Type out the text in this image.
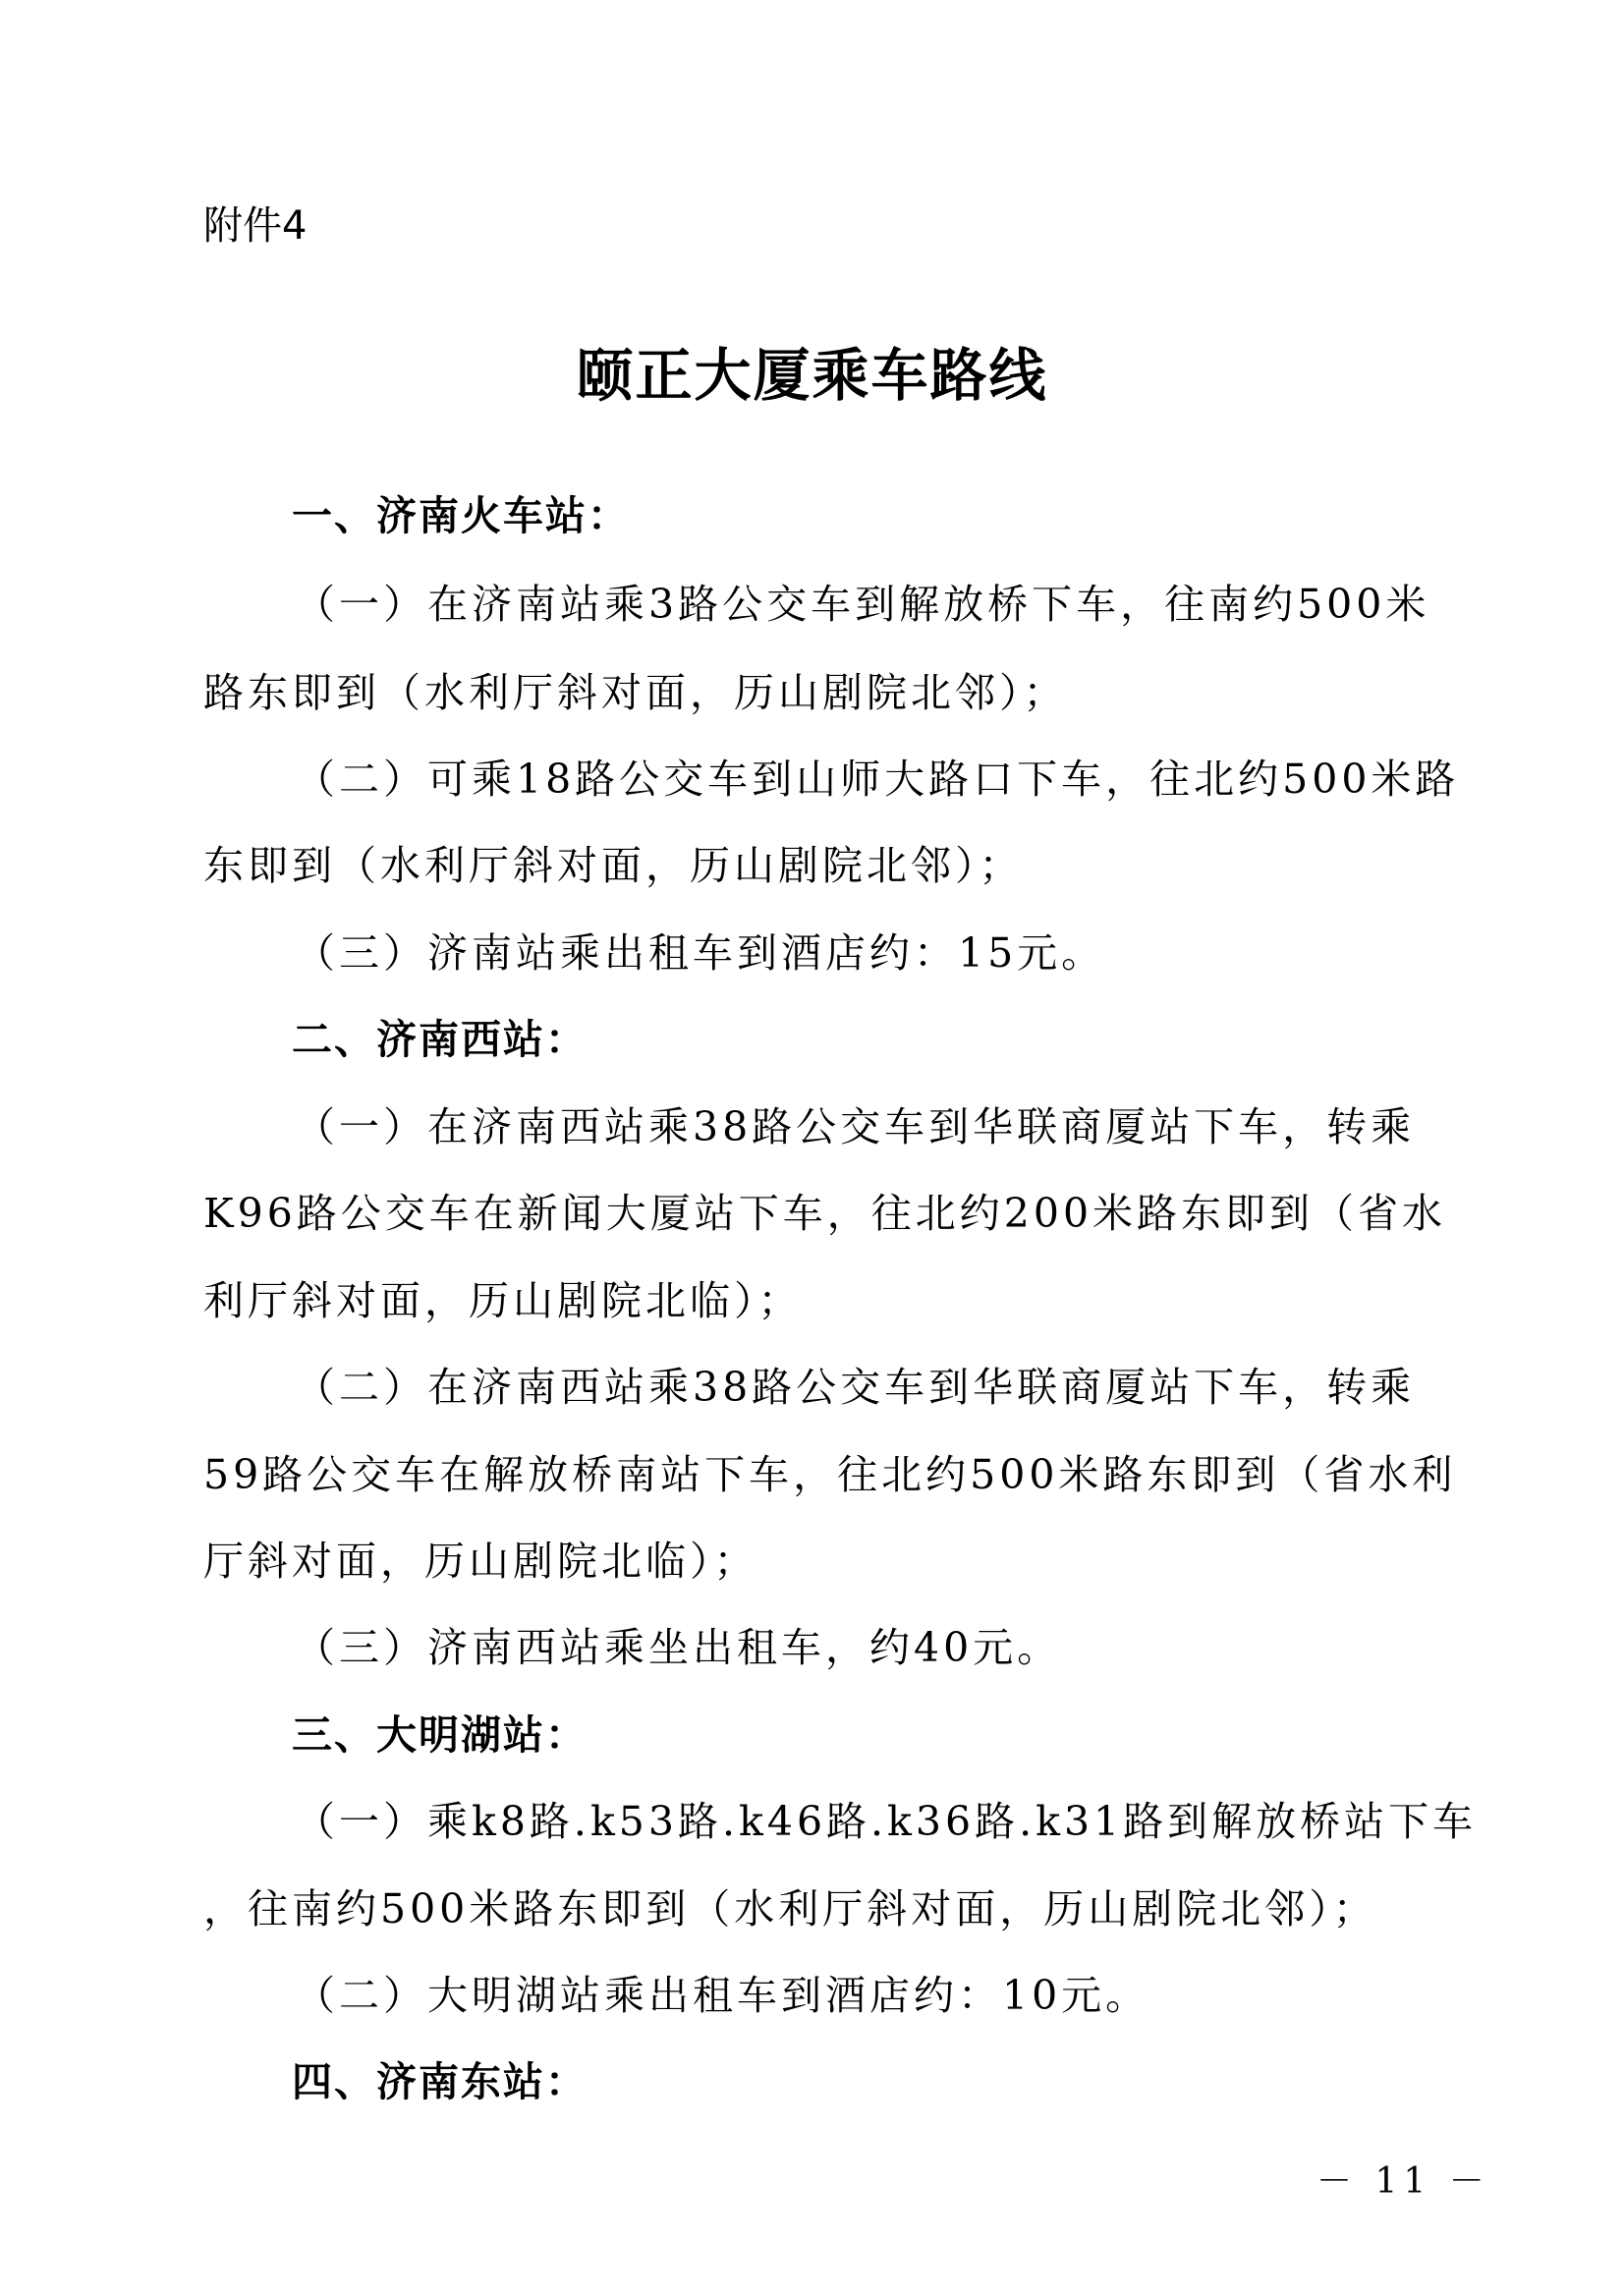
附件4
颐正大厦乘车路线
一、济南火车站：
（一）在济南站乘3路公交车到解放桥下车，往南约500米
路东即到（水利厅斜对面，历山剧院北邻）；
（二）可乘18路公交车到山师大路口下车，往北约500米路
东即到（水利厅斜对面，历山剧院北邻）；
（三）济南站乘出租车到酒店约：15元。
二、济南西站：
（一）在济南西站乘38路公交车到华联商厦站下车，转乘
K96路公交车在新闻大厦站下车，往北约200米路东即到（省水
利厅斜对面，历山剧院北临）；
（二）在济南西站乘38路公交车到华联商厦站下车，转乘
59路公交车在解放桥南站下车，往北约500米路东即到（省水利
厅斜对面，历山剧院北临）；
（三）济南西站乘坐出租车，约40元。
三、大明湖站：
（一）乘k8路.k53路.k46路.k36路.k31路到解放桥站下车
，往南约500米路东即到（水利厅斜对面，历山剧院北邻）；
（二）大明湖站乘出租车到酒店约：10元。
四、济南东站：
－ 11 －
